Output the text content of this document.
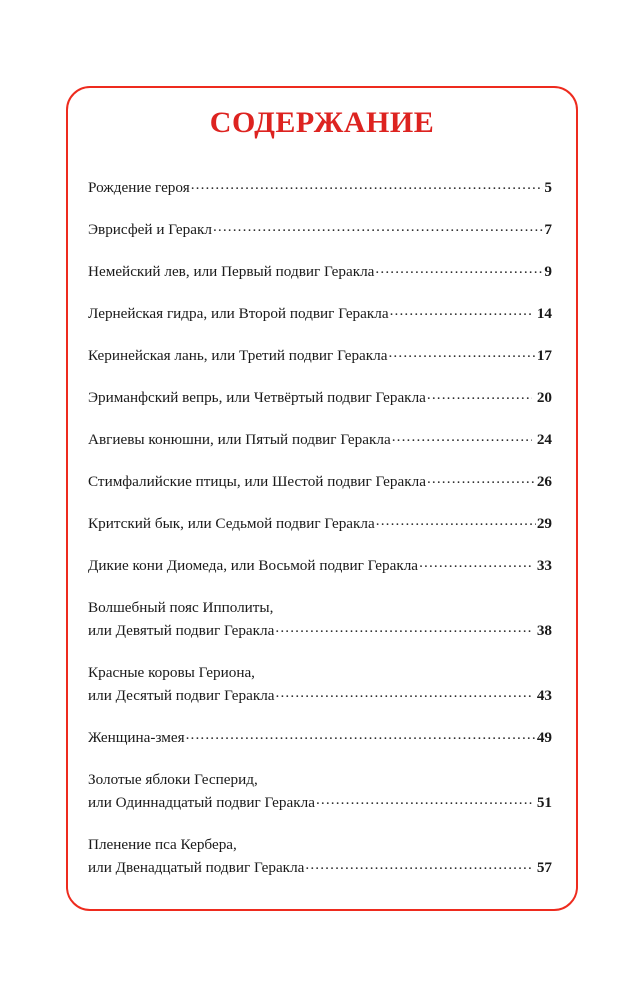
СОДЕРЖАНИЕ
Рождение героя .....	5
Эврисфей и Геракл .....	7
Немейский лев, или Первый подвиг Геракла .....	9
Лернейская гидра, или Второй подвиг Геракла .....	14
Керинейская лань, или Третий подвиг Геракла .....	17
Эриманфский вепрь, или Четвёртый подвиг Геракла .....	20
Авгиевы конюшни, или Пятый подвиг Геракла .....	24
Стимфалийские птицы, или Шестой подвиг Геракла .....	26
Критский бык, или Седьмой подвиг Геракла .....	29
Дикие кони Диомеда, или Восьмой подвиг Геракла .....	33
Волшебный пояс Ипполиты,
или Девятый подвиг Геракла .....	38
Красные коровы Гериона,
или Десятый подвиг Геракла .....	43
Женщина-змея .....	49
Золотые яблоки Гесперид,
или Одиннадцатый подвиг Геракла .....	51
Пленение пса Кербера,
или Двенадцатый подвиг Геракла .....	57
